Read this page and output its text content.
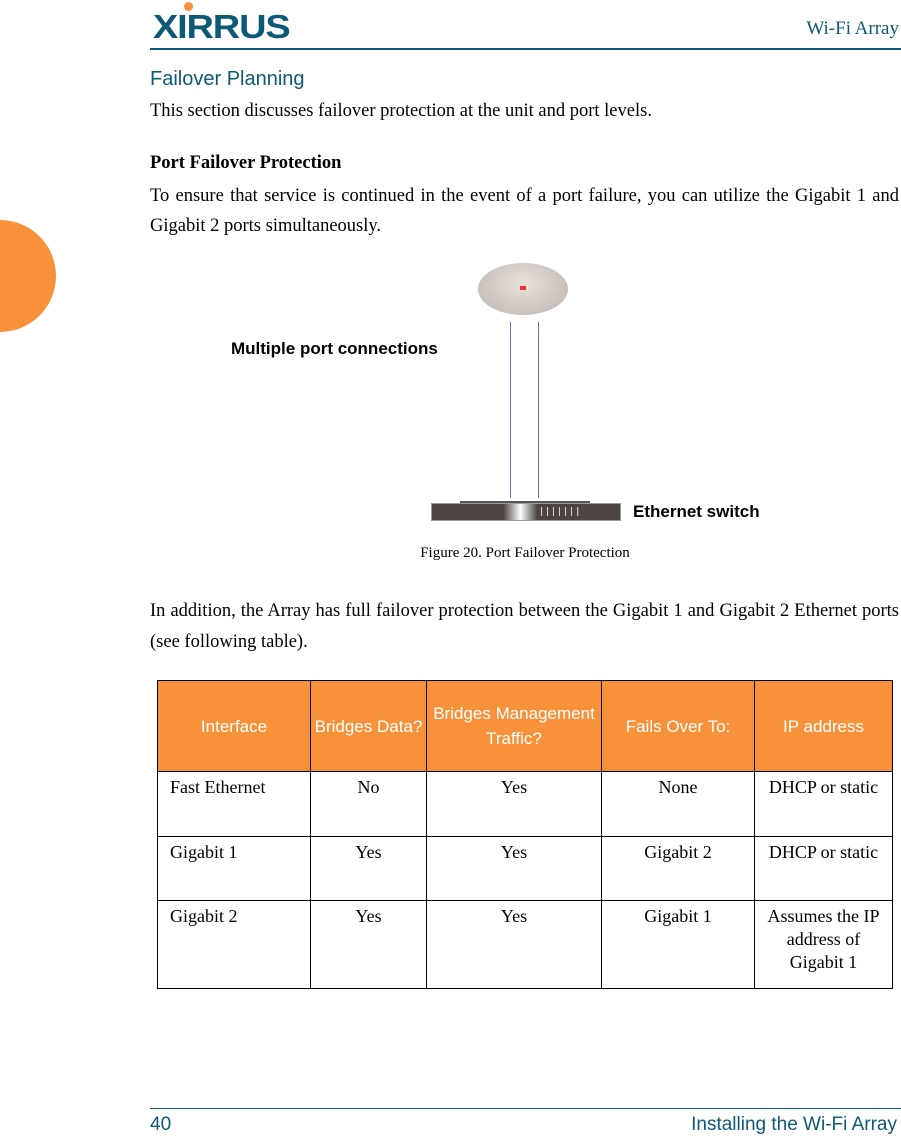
XIRRUS	Wi-Fi Array
Failover Planning
This section discusses failover protection at the unit and port levels.
Port Failover Protection
To ensure that service is continued in the event of a port failure, you can utilize the Gigabit 1 and Gigabit 2 ports simultaneously.
|||||||
Multiple port connections
Ethernet switch
Figure 20. Port Failover Protection
In addition, the Array has full failover protection between the Gigabit 1 and Gigabit 2 Ethernet ports (see following table).
Interface	Bridges Data?	Bridges Management Traffic?	Fails Over To:	IP address
Fast Ethernet	No	Yes	None	DHCP or static
Gigabit 1	Yes	Yes	Gigabit 2	DHCP or static
Gigabit 2	Yes	Yes	Gigabit 1	Assumes the IP address of Gigabit 1
40	Installing the Wi-Fi Array
